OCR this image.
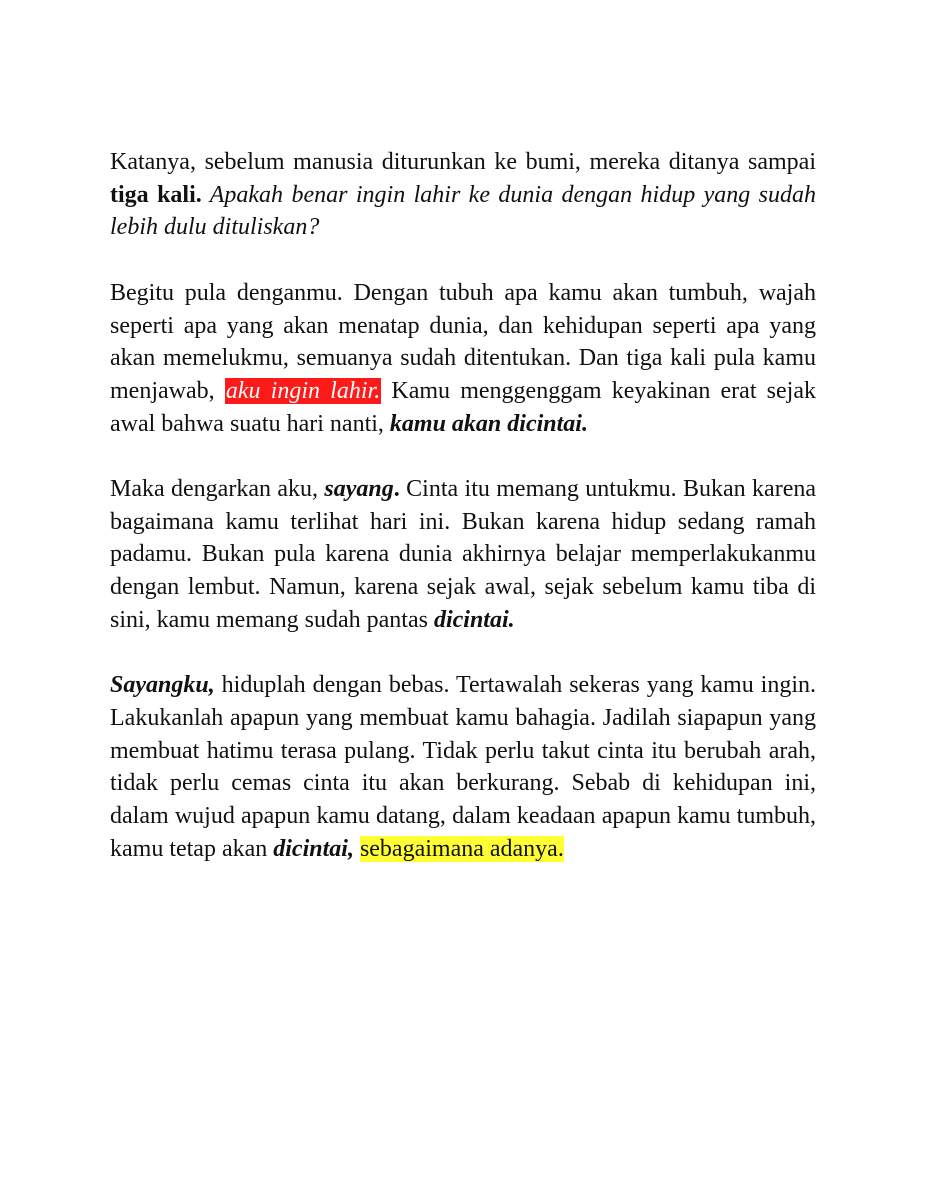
Katanya, sebelum manusia diturunkan ke bumi, mereka ditanya sampai tiga kali. Apakah benar ingin lahir ke dunia dengan hidup yang sudah lebih dulu dituliskan?

Begitu pula denganmu. Dengan tubuh apa kamu akan tumbuh, wajah seperti apa yang akan menatap dunia, dan kehidupan seperti apa yang akan memelukmu, semuanya sudah ditentukan. Dan tiga kali pula kamu menjawab, aku ingin lahir. Kamu menggenggam keyakinan erat sejak awal bahwa suatu hari nanti, kamu akan dicintai.

Maka dengarkan aku, sayang. Cinta itu memang untukmu. Bukan karena bagaimana kamu terlihat hari ini. Bukan karena hidup sedang ramah padamu. Bukan pula karena dunia akhirnya belajar memperlakukanmu dengan lembut. Namun, karena sejak awal, sejak sebelum kamu tiba di sini, kamu memang sudah pantas dicintai.

Sayangku, hiduplah dengan bebas. Tertawalah sekeras yang kamu ingin. Lakukanlah apapun yang membuat kamu bahagia. Jadilah siapapun yang membuat hatimu terasa pulang. Tidak perlu takut cinta itu berubah arah, tidak perlu cemas cinta itu akan berkurang. Sebab di kehidupan ini, dalam wujud apapun kamu datang, dalam keadaan apapun kamu tumbuh, kamu tetap akan dicintai, sebagaimana adanya.
